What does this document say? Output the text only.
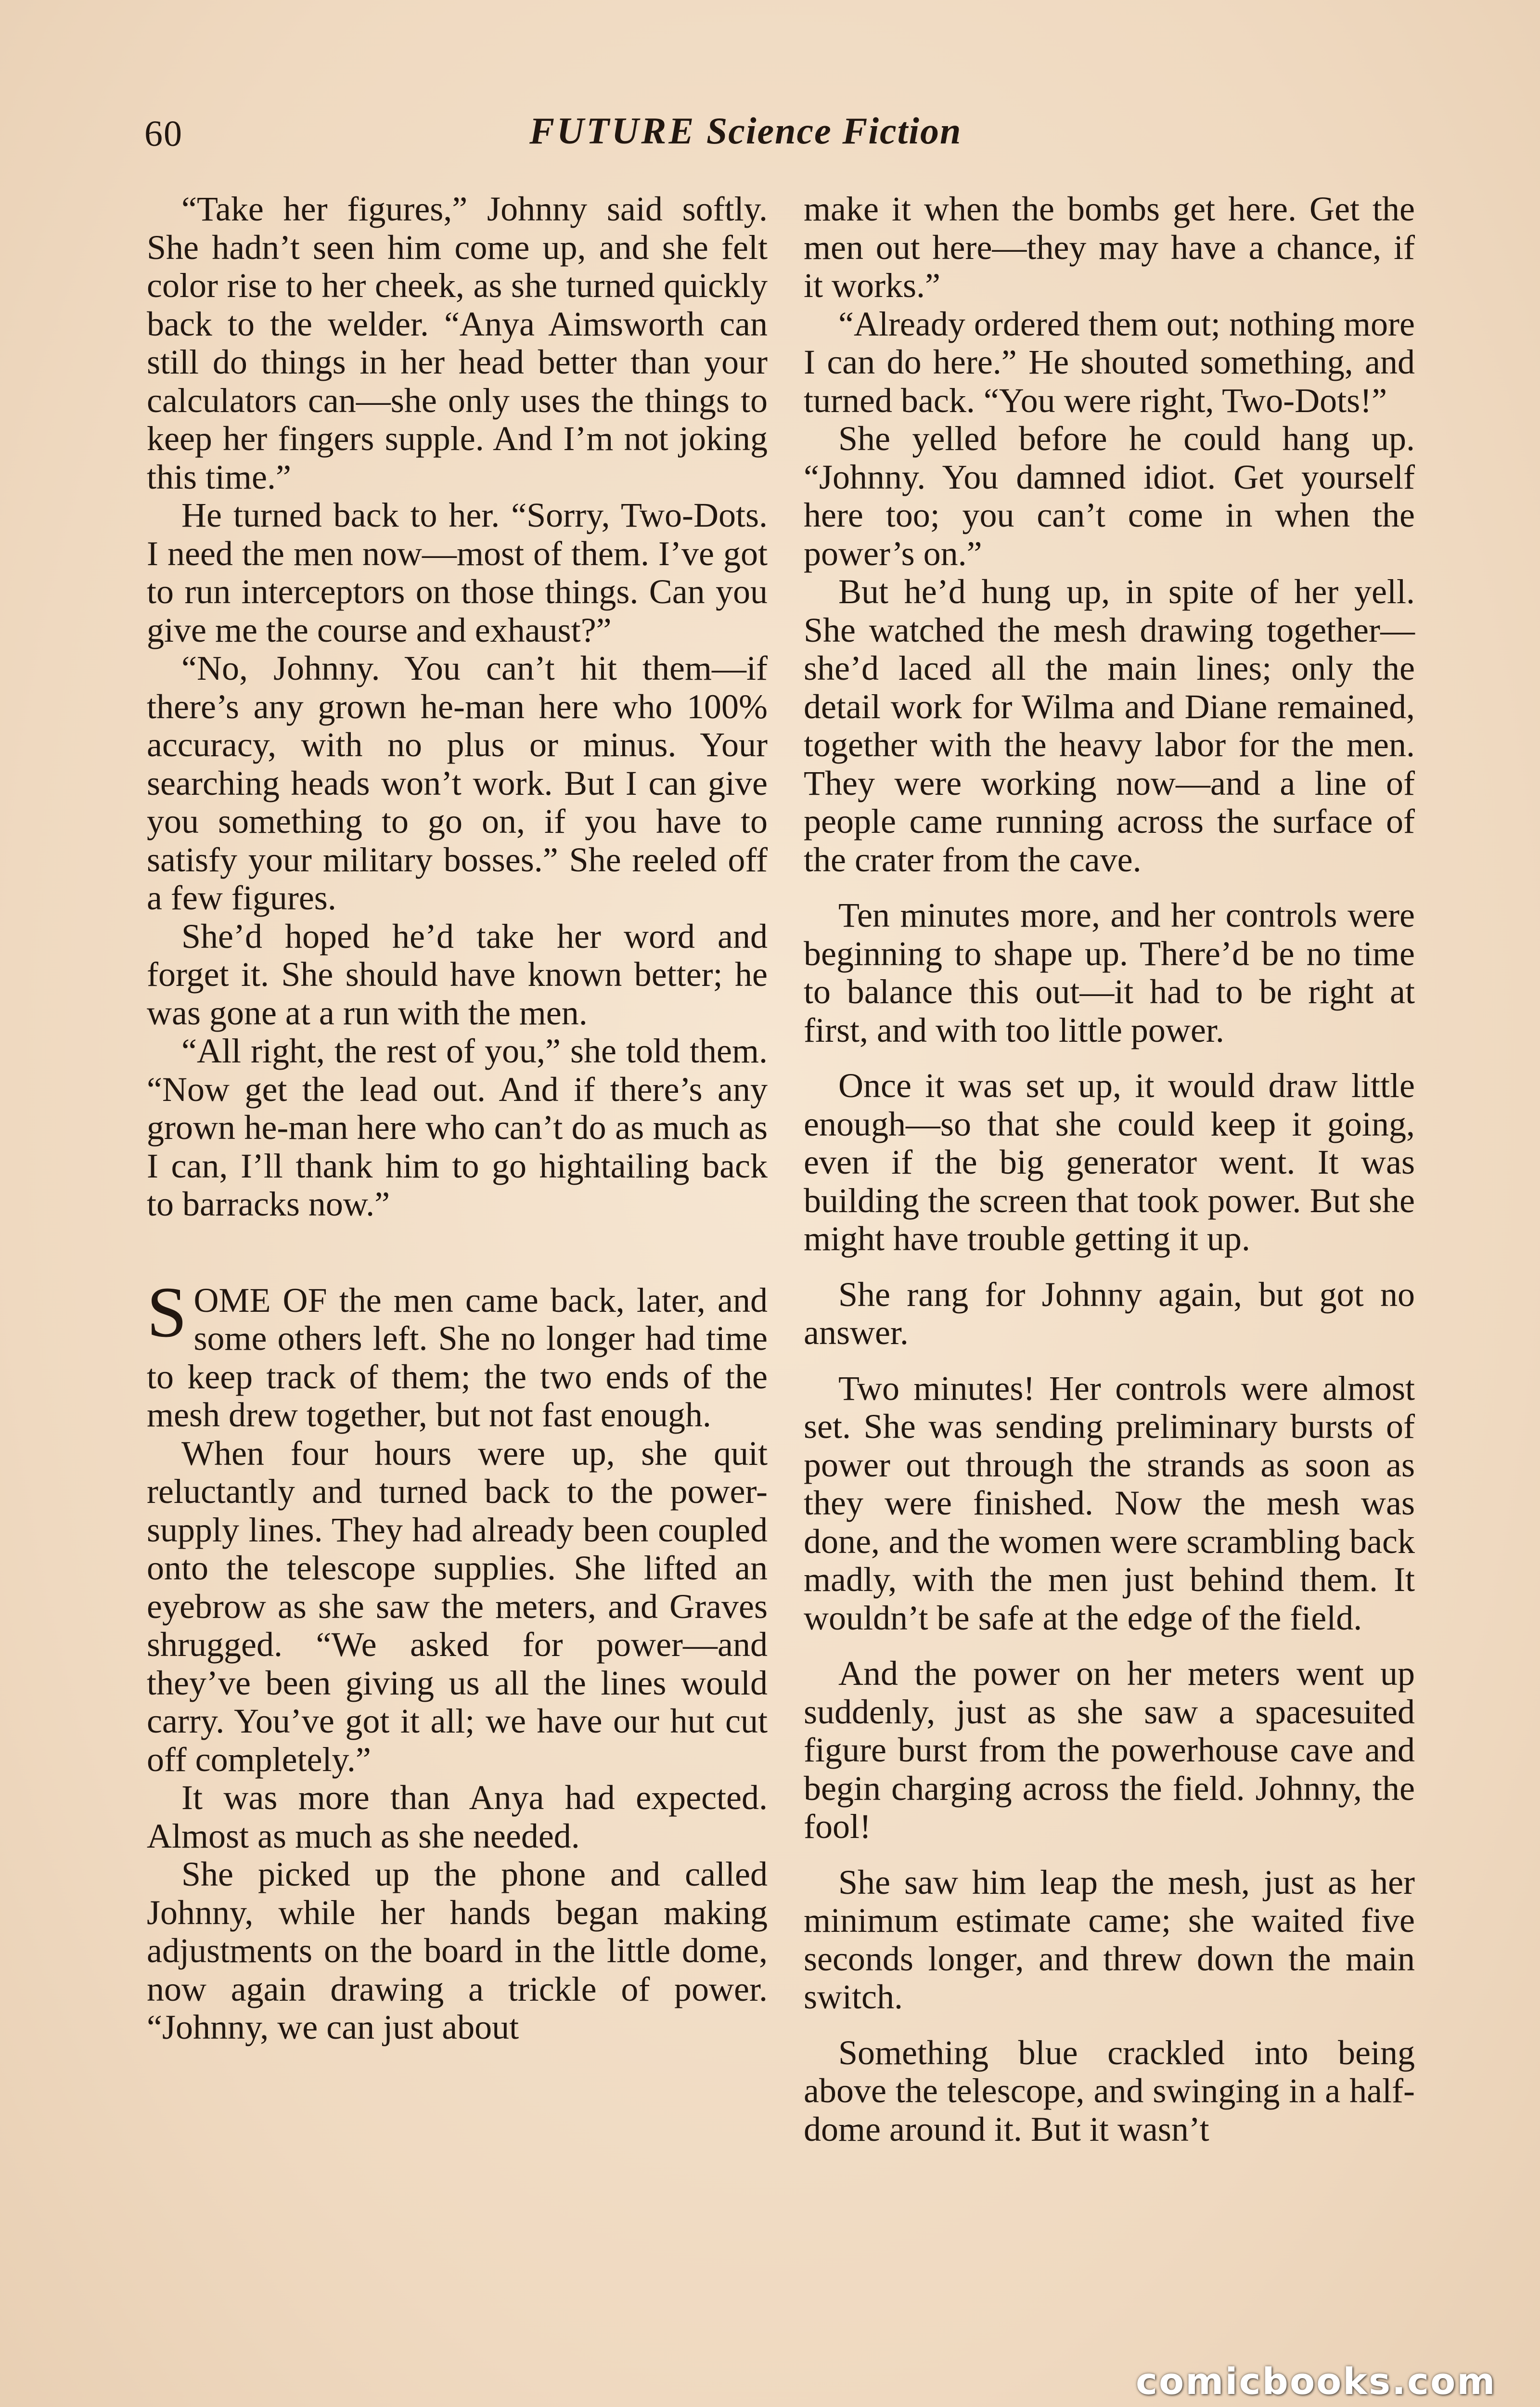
60	FUTURE Science Fiction

“Take her figures,” Johnny said softly. She hadn’t seen him come up, and she felt color rise to her cheek, as she turned quickly back to the welder. “Anya Aimsworth can still do things in her head better than your calculators can—she only uses the things to keep her fingers supple. And I’m not joking this time.”

He turned back to her. “Sorry, Two-Dots. I need the men now—most of them. I’ve got to run interceptors on those things. Can you give me the course and exhaust?”

“No, Johnny. You can’t hit them—if there’s any grown he-man here who 100% accuracy, with no plus or minus. Your searching heads won’t work. But I can give you something to go on, if you have to satisfy your military bosses.” She reeled off a few figures.

She’d hoped he’d take her word and forget it. She should have known better; he was gone at a run with the men.

“All right, the rest of you,” she told them. “Now get the lead out. And if there’s any grown he-man here who can’t do as much as I can, I’ll thank him to go hightailing back to barracks now.”

SOME OF the men came back, later, and some others left. She no longer had time to keep track of them; the two ends of the mesh drew together, but not fast enough.

When four hours were up, she quit reluctantly and turned back to the power-supply lines. They had already been coupled onto the telescope supplies. She lifted an eyebrow as she saw the meters, and Graves shrugged. “We asked for power—and they’ve been giving us all the lines would carry. You’ve got it all; we have our hut cut off completely.”

It was more than Anya had expected. Almost as much as she needed.

She picked up the phone and called Johnny, while her hands began making adjustments on the board in the little dome, now again drawing a trickle of power. “Johnny, we can just about

make it when the bombs get here. Get the men out here—they may have a chance, if it works.”

“Already ordered them out; nothing more I can do here.” He shouted something, and turned back. “You were right, Two-Dots!”

She yelled before he could hang up. “Johnny. You damned idiot. Get yourself here too; you can’t come in when the power’s on.”

But he’d hung up, in spite of her yell. She watched the mesh drawing together—she’d laced all the main lines; only the detail work for Wilma and Diane remained, together with the heavy labor for the men. They were working now—and a line of people came running across the surface of the crater from the cave.

Ten minutes more, and her controls were beginning to shape up. There’d be no time to balance this out—it had to be right at first, and with too little power.

Once it was set up, it would draw little enough—so that she could keep it going, even if the big generator went. It was building the screen that took power. But she might have trouble getting it up.

She rang for Johnny again, but got no answer.

Two minutes! Her controls were almost set. She was sending preliminary bursts of power out through the strands as soon as they were finished. Now the mesh was done, and the women were scrambling back madly, with the men just behind them. It wouldn’t be safe at the edge of the field.

And the power on her meters went up suddenly, just as she saw a spacesuited figure burst from the powerhouse cave and begin charging across the field. Johnny, the fool!

She saw him leap the mesh, just as her minimum estimate came; she waited five seconds longer, and threw down the main switch.

Something blue crackled into being above the telescope, and swinging in a half-dome around it. But it wasn’t

comicbooks.com
